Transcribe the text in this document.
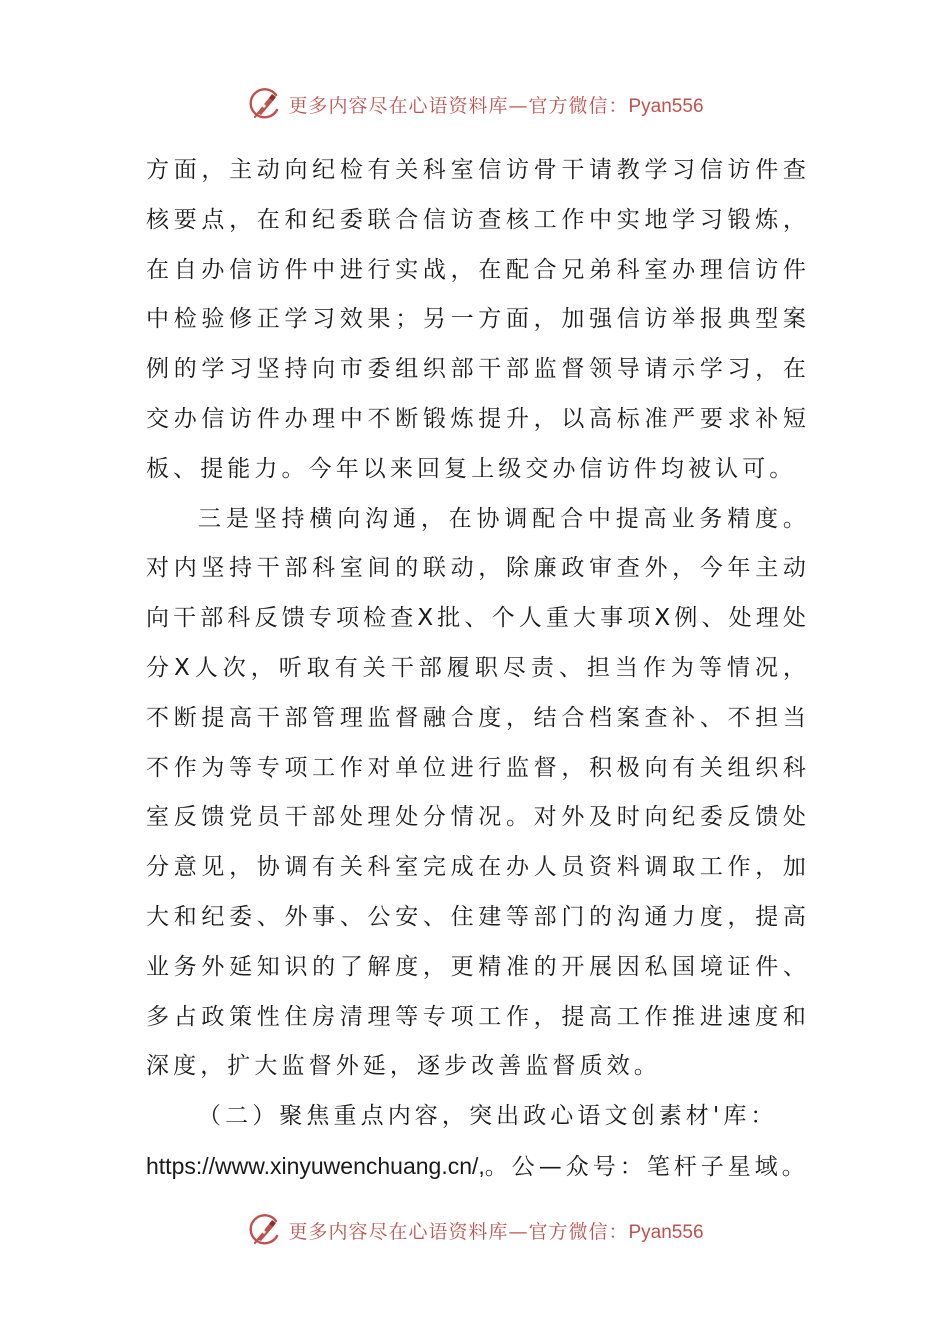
更多内容尽在心语资料库—官方微信：Pyan556

方面，主动向纪检有关科室信访骨干请教学习信访件查核要点，在和纪委联合信访查核工作中实地学习锻炼，在自办信访件中进行实战，在配合兄弟科室办理信访件中检验修正学习效果；另一方面，加强信访举报典型案例的学习坚持向市委组织部干部监督领导请示学习，在交办信访件办理中不断锻炼提升，以高标准严要求补短板、提能力。今年以来回复上级交办信访件均被认可。

三是坚持横向沟通，在协调配合中提高业务精度。对内坚持干部科室间的联动，除廉政审查外，今年主动向干部科反馈专项检查X批、个人重大事项X例、处理处分X人次，听取有关干部履职尽责、担当作为等情况，不断提高干部管理监督融合度，结合档案查补、不担当不作为等专项工作对单位进行监督，积极向有关组织科室反馈党员干部处理处分情况。对外及时向纪委反馈处分意见，协调有关科室完成在办人员资料调取工作，加大和纪委、外事、公安、住建等部门的沟通力度，提高业务外延知识的了解度，更精准的开展因私国境证件、多占政策性住房清理等专项工作，提高工作推进速度和深度，扩大监督外延，逐步改善监督质效。

（二）聚焦重点内容，突出政心语文创素材'库：

https://www.xinyuwenchuang.cn/,。公—众号：笔杆子星域。

更多内容尽在心语资料库—官方微信：Pyan556
